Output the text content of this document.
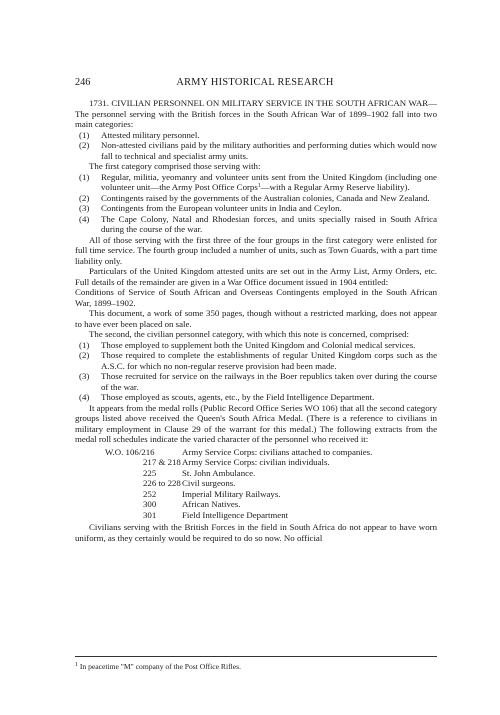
246	ARMY HISTORICAL RESEARCH

1731. CIVILIAN PERSONNEL ON MILITARY SERVICE IN THE SOUTH AFRICAN WAR—The personnel serving with the British forces in the South African War of 1899–1902 fall into two main categories:

(1) Attested military personnel.
(2) Non-attested civilians paid by the military authorities and performing duties which would now fall to technical and specialist army units.

The first category comprised those serving with:

(1) Regular, militia, yeomanry and volunteer units sent from the United Kingdom (including one volunteer unit—the Army Post Office Corps$^1$—with a Regular Army Reserve liability).
(2) Contingents raised by the governments of the Australian colonies, Canada and New Zealand.
(3) Contingents from the European volunteer units in India and Ceylon.
(4) The Cape Colony, Natal and Rhodesian forces, and units specially raised in South Africa during the course of the war.

All of those serving with the first three of the four groups in the first category were enlisted for full time service. The fourth group included a number of units, such as Town Guards, with a part time liability only.

Particulars of the United Kingdom attested units are set out in the Army List, Army Orders, etc. Full details of the remainder are given in a War Office document issued in 1904 entitled:

Conditions of Service of South African and Overseas Contingents employed in the South African War, 1899–1902.

This document, a work of some 350 pages, though without a restricted marking, does not appear to have ever been placed on sale.

The second, the civilian personnel category, with which this note is concerned, comprised:

(1) Those employed to supplement both the United Kingdom and Colonial medical services.
(2) Those required to complete the establishments of regular United Kingdom corps such as the A.S.C. for which no non-regular reserve provision had been made.
(3) Those recruited for service on the railways in the Boer republics taken over during the course of the war.
(4) Those employed as scouts, agents, etc., by the Field Intelligence Department.

It appears from the medal rolls (Public Record Office Series WO 106) that all the second category groups listed above received the Queen's South Africa Medal. (There is a reference to civilians in military employment in Clause 29 of the warrant for this medal.) The following extracts from the medal roll schedules indicate the varied character of the personnel who received it:

W.O. 106/216	Army Service Corps: civilians attached to companies.
217 & 218 Army Service Corps: civilian individuals.
225	St. John Ambulance.
226 to 228 Civil surgeons.
252	Imperial Military Railways.
300	African Natives.
301	Field Intelligence Department

Civilians serving with the British Forces in the field in South Africa do not appear to have worn uniform, as they certainly would be required to do so now. No official

$^1$ In peacetime "M" company of the Post Office Rifles.
